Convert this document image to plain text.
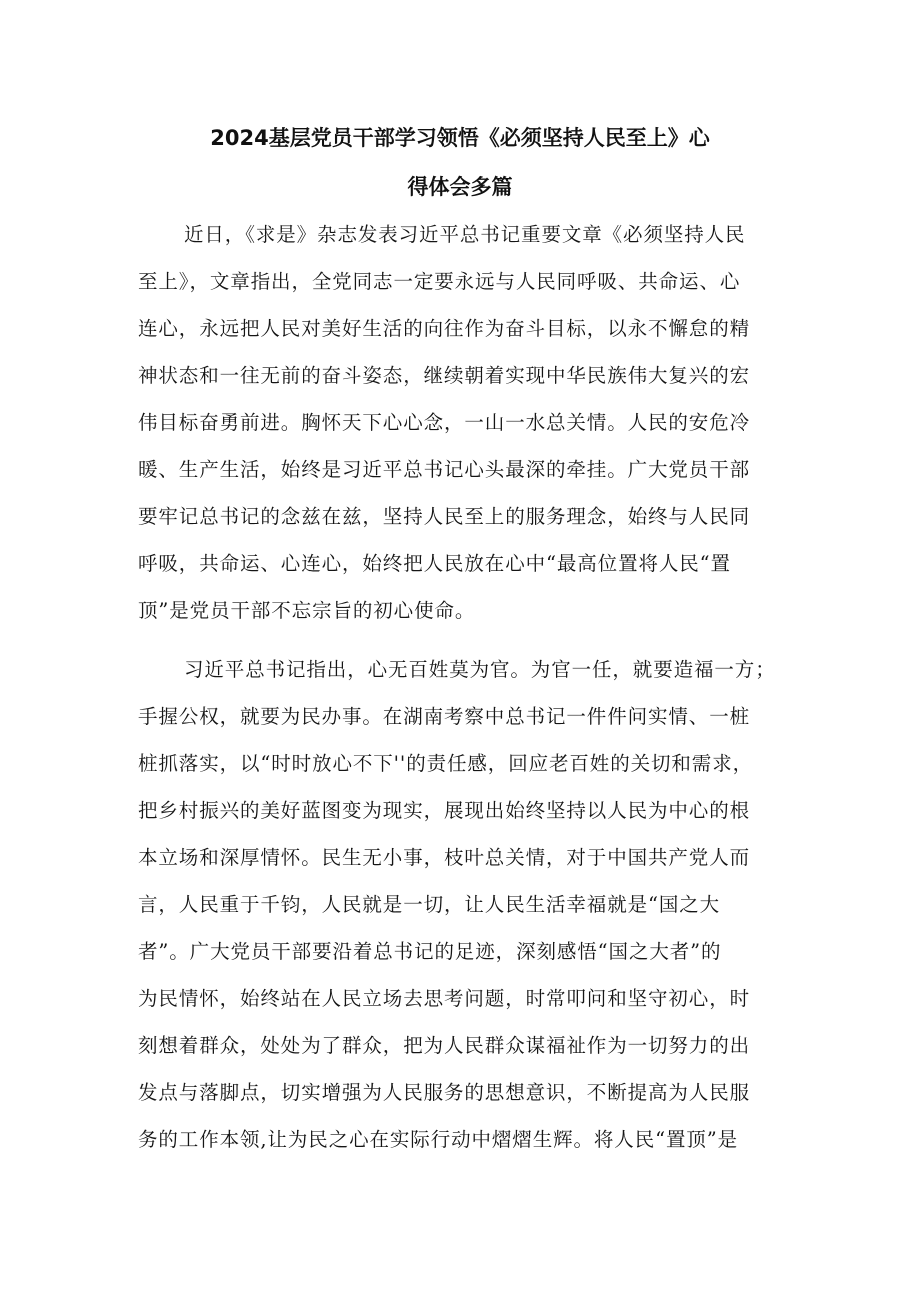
2024基层党员干部学习领悟《必须坚持人民至上》心
得体会多篇
近日，《求是》杂志发表习近平总书记重要文章《必须坚持人民
至上》，文章指出，全党同志一定要永远与人民同呼吸、共命运、心
连心，永远把人民对美好生活的向往作为奋斗目标，以永不懈怠的精
神状态和一往无前的奋斗姿态，继续朝着实现中华民族伟大复兴的宏
伟目标奋勇前进。胸怀天下心心念，一山一水总关情。人民的安危冷
暖、生产生活，始终是习近平总书记心头最深的牵挂。广大党员干部
要牢记总书记的念兹在兹，坚持人民至上的服务理念，始终与人民同
呼吸，共命运、心连心，始终把人民放在心中“最高位置将人民“置
顶”是党员干部不忘宗旨的初心使命。
习近平总书记指出，心无百姓莫为官。为官一任，就要造福一方；
手握公权，就要为民办事。在湖南考察中总书记一件件问实情、一桩
桩抓落实，以“时时放心不下''的责任感，回应老百姓的关切和需求，
把乡村振兴的美好蓝图变为现实，展现出始终坚持以人民为中心的根
本立场和深厚情怀。民生无小事，枝叶总关情，对于中国共产党人而
言，人民重于千钧，人民就是一切，让人民生活幸福就是“国之大
者”。广大党员干部要沿着总书记的足迹，深刻感悟“国之大者”的
为民情怀，始终站在人民立场去思考问题，时常叩问和坚守初心，时
刻想着群众，处处为了群众，把为人民群众谋福祉作为一切努力的出
发点与落脚点，切实增强为人民服务的思想意识，不断提高为人民服
务的工作本领,让为民之心在实际行动中熠熠生辉。将人民“置顶”是
